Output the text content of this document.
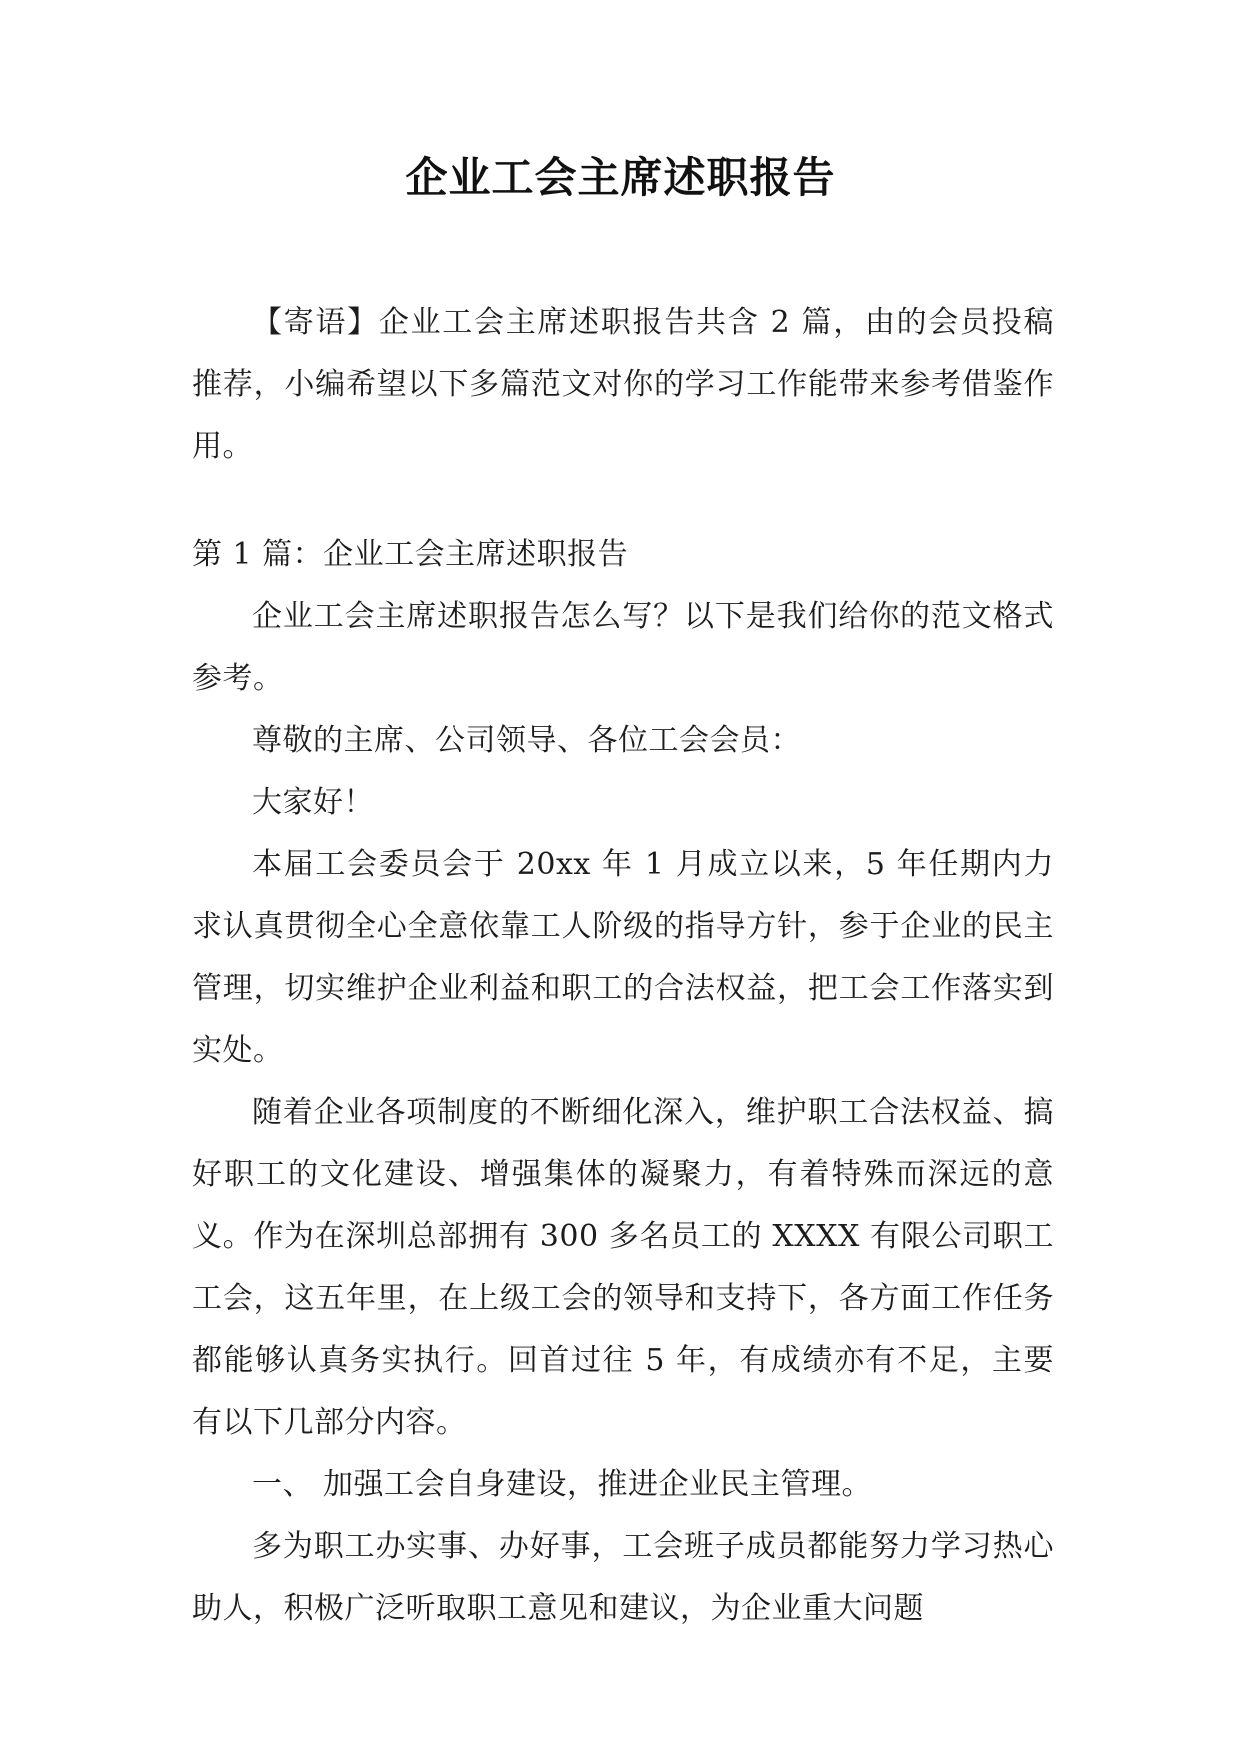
企业工会主席述职报告

【寄语】企业工会主席述职报告共含 2 篇，由的会员投稿推荐，小编希望以下多篇范文对你的学习工作能带来参考借鉴作用。

第 1 篇：企业工会主席述职报告

企业工会主席述职报告怎么写？以下是我们给你的范文格式参考。

尊敬的主席、公司领导、各位工会会员：

大家好！

本届工会委员会于 20xx 年 1 月成立以来，5 年任期内力求认真贯彻全心全意依靠工人阶级的指导方针，参于企业的民主管理，切实维护企业利益和职工的合法权益，把工会工作落实到实处。

随着企业各项制度的不断细化深入，维护职工合法权益、搞好职工的文化建设、增强集体的凝聚力，有着特殊而深远的意义。作为在深圳总部拥有 300 多名员工的 XXXX 有限公司职工工会，这五年里，在上级工会的领导和支持下，各方面工作任务都能够认真务实执行。回首过往 5 年，有成绩亦有不足，主要有以下几部分内容。

一、 加强工会自身建设，推进企业民主管理。

多为职工办实事、办好事，工会班子成员都能努力学习热心助人，积极广泛听取职工意见和建议，为企业重大问题
